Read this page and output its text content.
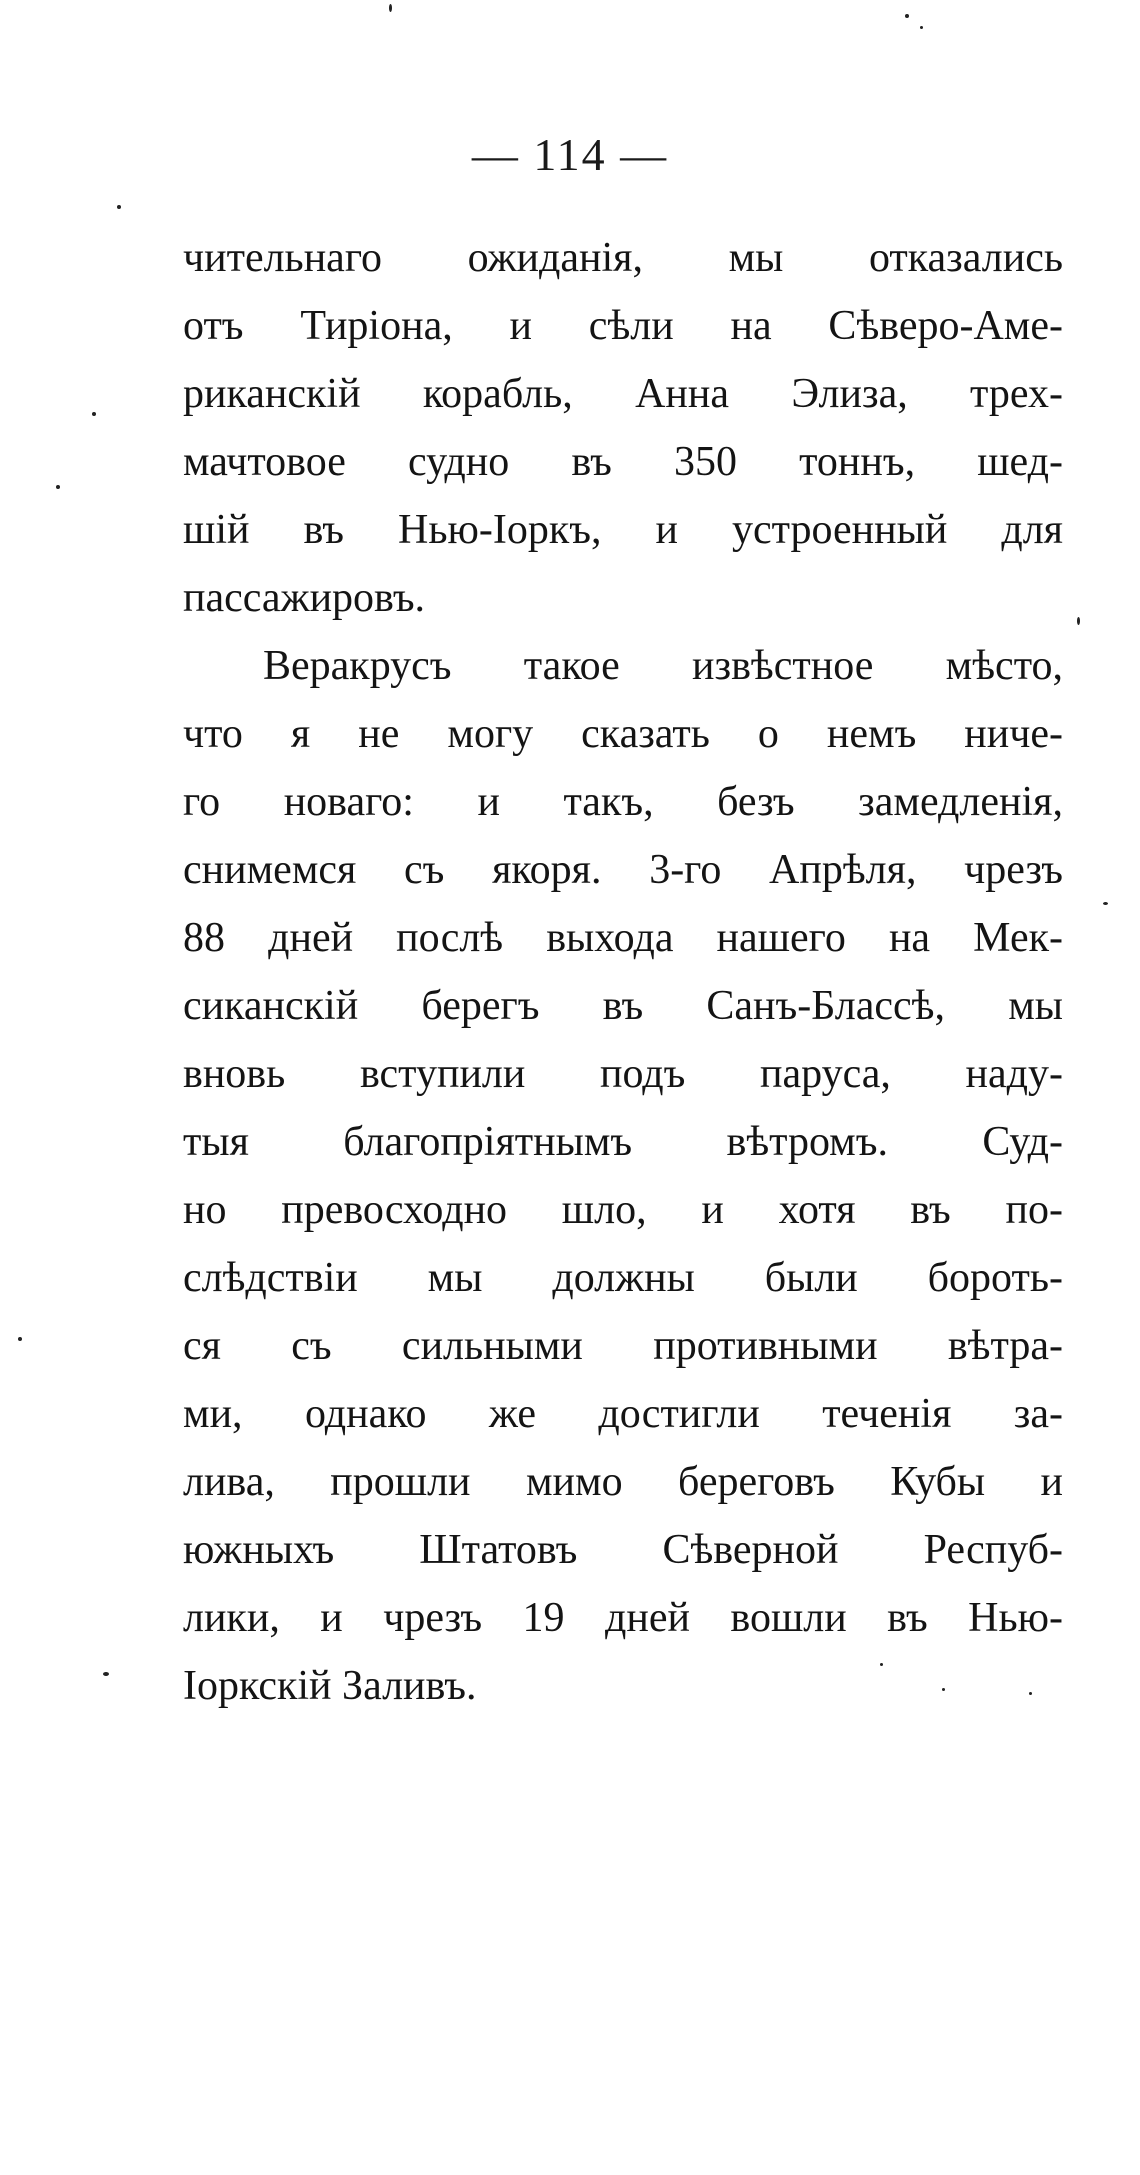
— 114 —
чительнаго ожиданія, мы отказались
отъ Тиріона, и сѣли на Сѣверо-Аме-
риканскій корабль, Анна Элиза, трех-
мачтовое судно въ 350 тоннъ, шед-
шій въ Нью-Іоркъ, и устроенный для
пассажировъ.
Веракрусъ такое извѣстное мѣсто,
что я не могу сказать о немъ ниче-
го новаго: и такъ, безъ замедленія,
снимемся съ якоря. 3-го Апрѣля, чрезъ
88 дней послѣ выхода нашего на Мек-
сиканскій берегъ въ Санъ-Блассѣ, мы
вновь вступили подъ паруса, наду-
тыя благопріятнымъ вѣтромъ. Суд-
но превосходно шло, и хотя въ по-
слѣдствіи мы должны были бороть-
ся съ сильными противными вѣтра-
ми, однако же достигли теченія за-
лива, прошли мимо береговъ Кубы и
южныхъ Штатовъ Сѣверной Респуб-
лики, и чрезъ 19 дней вошли въ Нью-
Іоркскій Заливъ.
